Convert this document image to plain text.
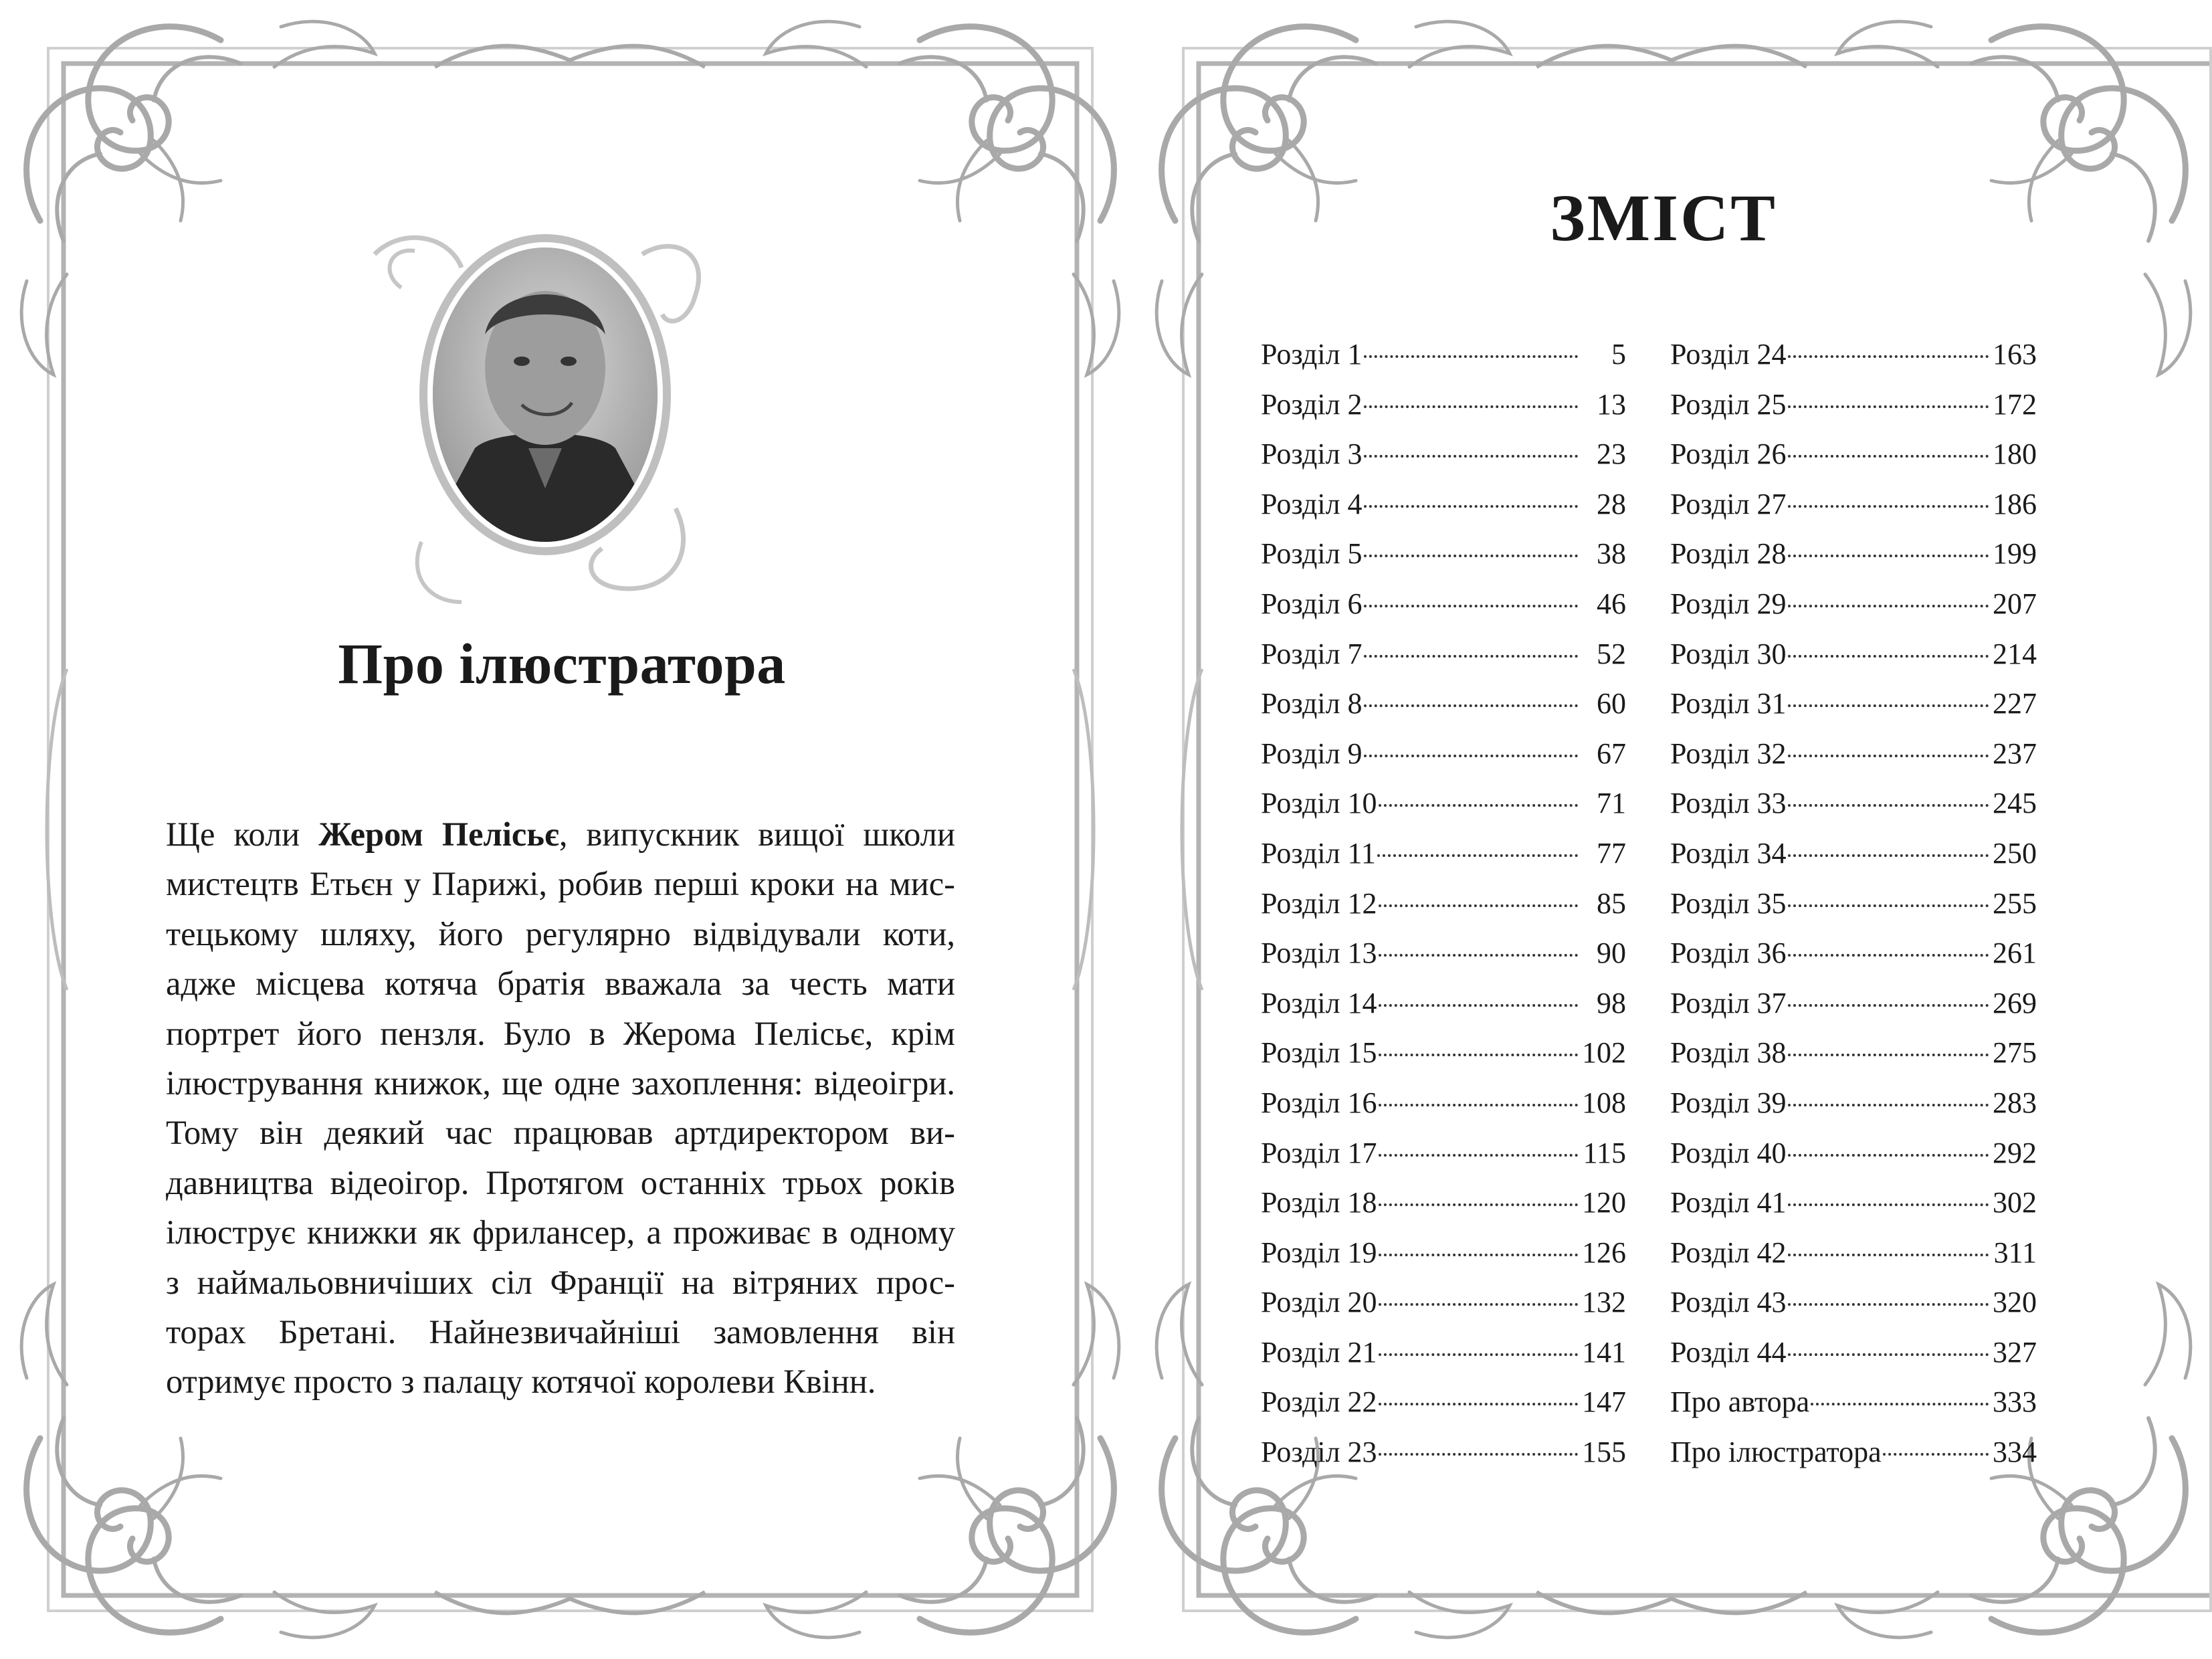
Про ілюстратора
Ще коли Жером Пелісьє, випускник вищої школи
мистецтв Етьєн у Парижі, робив перші кроки на мис-
тецькому шляху, його регулярно відвідували коти,
адже місцева котяча братія вважала за честь мати
портрет його пензля. Було в Жерома Пелісьє, крім
ілюстрування книжок, ще одне захоплення: відеоігри.
Тому він деякий час працював артдиректором ви-
давництва відеоігор. Протягом останніх трьох років
ілюструє книжки як фрилансер, а проживає в одному
з наймальовничіших сіл Франції на вітряних прос-
торах Бретані. Найнезвичайніші замовлення він
отримує просто з палацу котячої королеви Квінн.
ЗМІСТ
Розділ 1	5
Розділ 2	13
Розділ 3	23
Розділ 4	28
Розділ 5	38
Розділ 6	46
Розділ 7	52
Розділ 8	60
Розділ 9	67
Розділ 10	71
Розділ 11	77
Розділ 12	85
Розділ 13	90
Розділ 14	98
Розділ 15	102
Розділ 16	108
Розділ 17	115
Розділ 18	120
Розділ 19	126
Розділ 20	132
Розділ 21	141
Розділ 22	147
Розділ 23	155
Розділ 24	163
Розділ 25	172
Розділ 26	180
Розділ 27	186
Розділ 28	199
Розділ 29	207
Розділ 30	214
Розділ 31	227
Розділ 32	237
Розділ 33	245
Розділ 34	250
Розділ 35	255
Розділ 36	261
Розділ 37	269
Розділ 38	275
Розділ 39	283
Розділ 40	292
Розділ 41	302
Розділ 42	311
Розділ 43	320
Розділ 44	327
Про автора	333
Про ілюстратора	334
